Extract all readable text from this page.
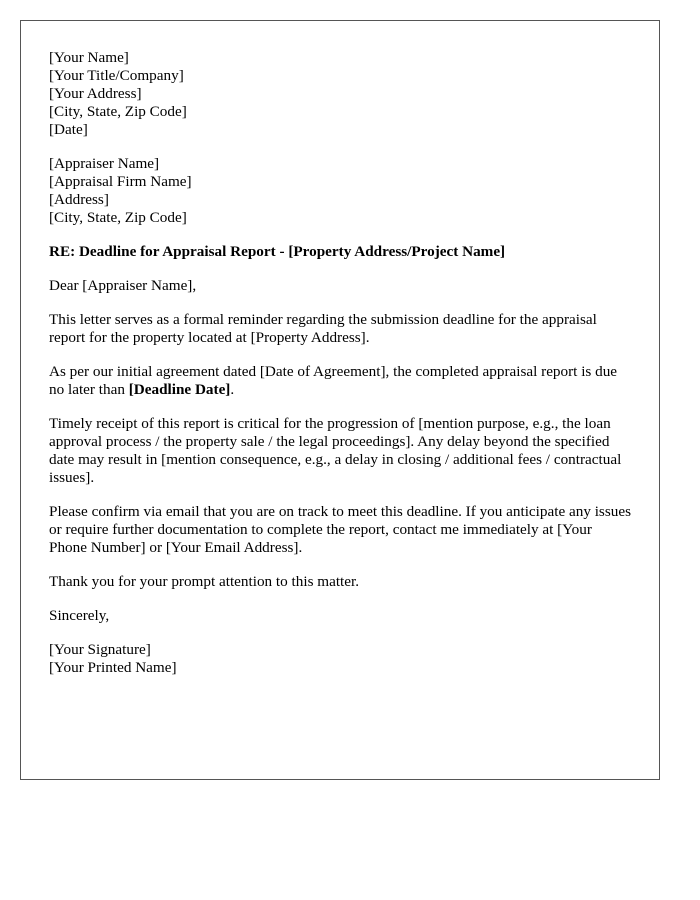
[Your Name]
[Your Title/Company]
[Your Address]
[City, State, Zip Code]
[Date]
[Appraiser Name]
[Appraisal Firm Name]
[Address]
[City, State, Zip Code]

RE: Deadline for Appraisal Report - [Property Address/Project Name]

Dear [Appraiser Name],

This letter serves as a formal reminder regarding the submission deadline for the appraisal report for the property located at [Property Address].

As per our initial agreement dated [Date of Agreement], the completed appraisal report is due no later than [Deadline Date].

Timely receipt of this report is critical for the progression of [mention purpose, e.g., the loan approval process / the property sale / the legal proceedings]. Any delay beyond the specified date may result in [mention consequence, e.g., a delay in closing / additional fees / contractual issues].

Please confirm via email that you are on track to meet this deadline. If you anticipate any issues or require further documentation to complete the report, contact me immediately at [Your Phone Number] or [Your Email Address].

Thank you for your prompt attention to this matter.

Sincerely,

[Your Signature]
[Your Printed Name]
